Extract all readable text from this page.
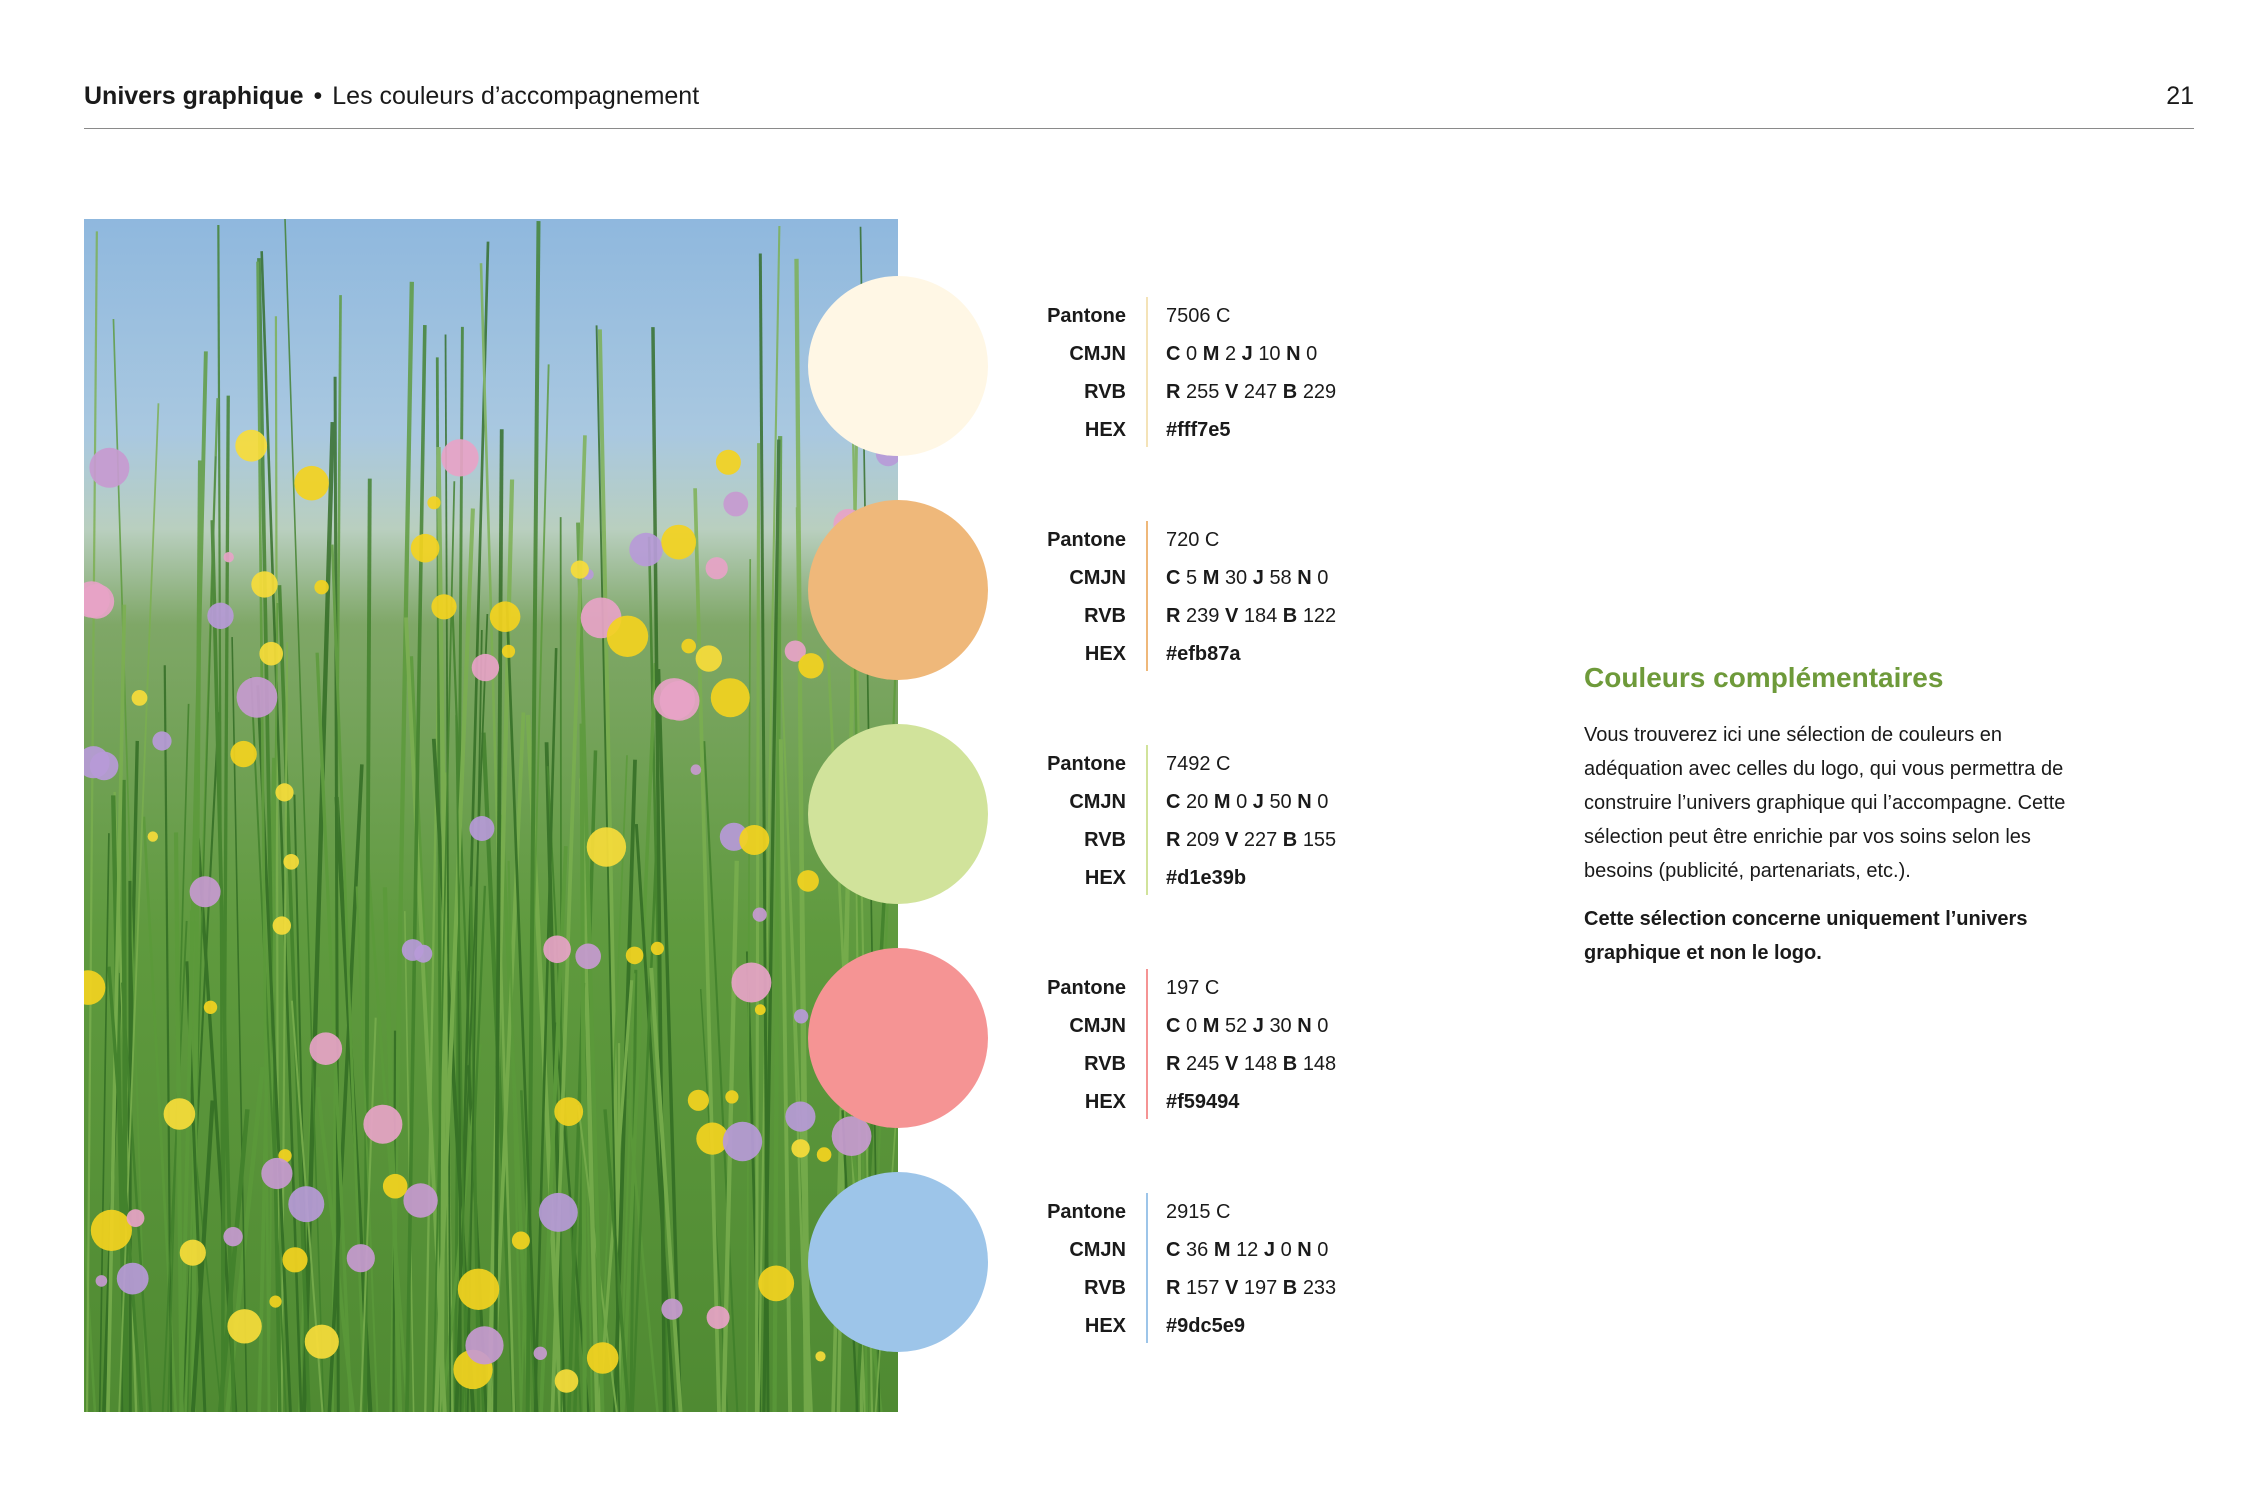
Univers graphique • Les couleurs d’accompagnement	21
Pantone 7506 C
CMJN C 0 M 2 J 10 N 0
RVB R 255 V 247 B 229
HEX #fff7e5
Pantone 720 C
CMJN C 5 M 30 J 58 N 0
RVB R 239 V 184 B 122
HEX #efb87a
Pantone 7492 C
CMJN C 20 M 0 J 50 N 0
RVB R 209 V 227 B 155
HEX #d1e39b
Pantone 197 C
CMJN C 0 M 52 J 30 N 0
RVB R 245 V 148 B 148
HEX #f59494
Pantone 2915 C
CMJN C 36 M 12 J 0 N 0
RVB R 157 V 197 B 233
HEX #9dc5e9
Couleurs complémentaires

Vous trouverez ici une sélection de couleurs en adéquation avec celles du logo, qui vous permettra de construire l’univers graphique qui l’accompagne. Cette sélection peut être enrichie par vos soins selon les besoins (publicité, partenariats, etc.).

Cette sélection concerne uniquement l’univers graphique et non le logo.
